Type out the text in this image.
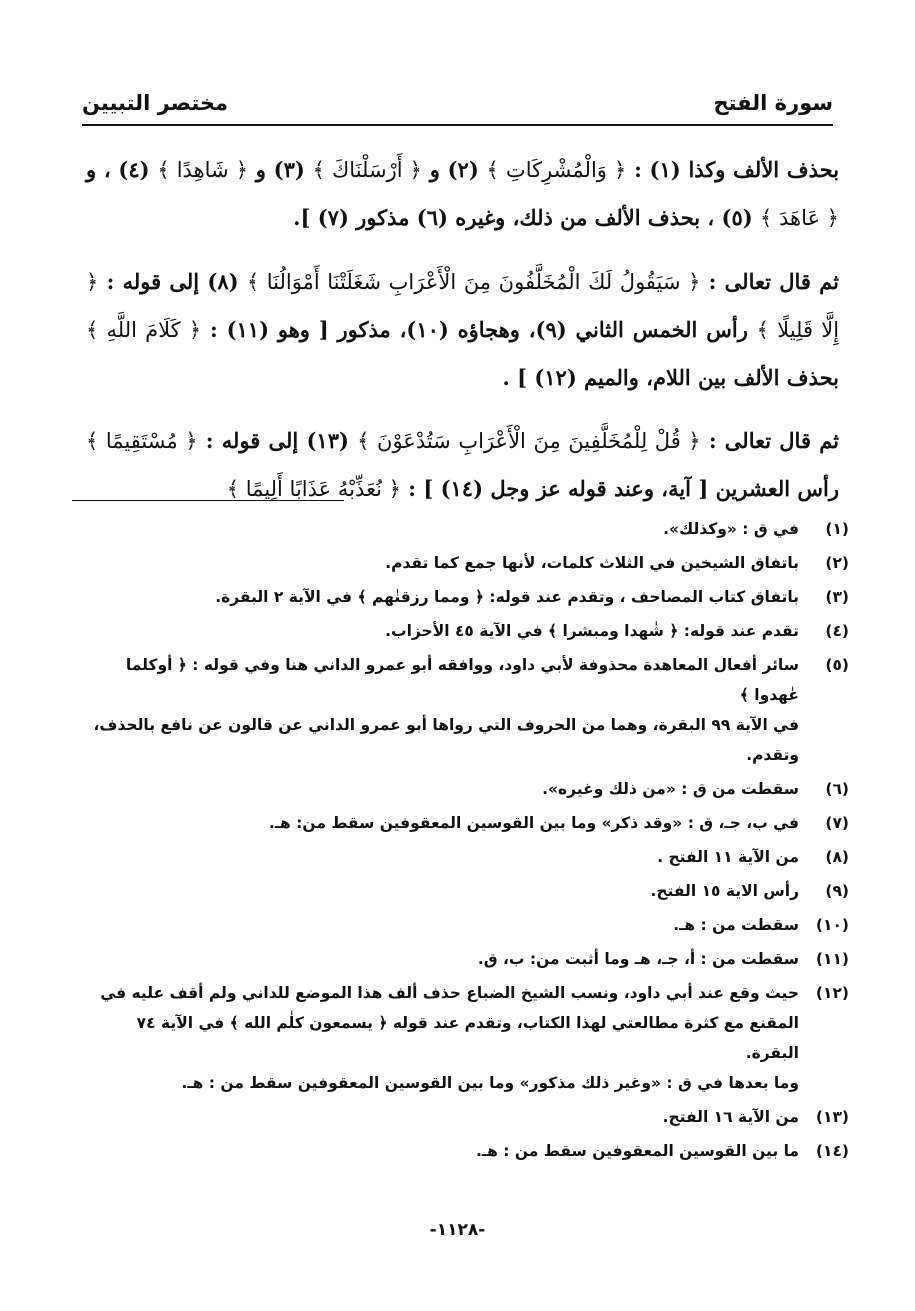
سورة الفتح
مختصر التبيين

بحذف الألف وكذا (١) : ﴿ وَالْمُشْرِكَاتِ ﴾ (٢) و ﴿ أَرْسَلْنَاكَ ﴾ (٣) و ﴿ شَاهِدًا ﴾ (٤) ، و ﴿ عَاهَدَ ﴾ (٥) ، بحذف الألف من ذلك، وغيره (٦) مذكور (٧) ].

ثم قال تعالى : ﴿ سَيَقُولُ لَكَ الْمُخَلَّفُونَ مِنَ الْأَعْرَابِ شَغَلَتْنَا أَمْوَالُنَا ﴾ (٨) إلى قوله : ﴿ إِلَّا قَلِيلًا ﴾ رأس الخمس الثاني (٩)، وهجاؤه (١٠)، مذكور [ وهو (١١) : ﴿ كَلَامَ اللَّهِ ﴾ بحذف الألف بين اللام، والميم (١٢) ] .

ثم قال تعالى : ﴿ قُلْ لِلْمُخَلَّفِينَ مِنَ الْأَعْرَابِ سَتُدْعَوْنَ ﴾ (١٣) إلى قوله : ﴿ مُسْتَقِيمًا ﴾ رأس العشرين [ آية، وعند قوله عز وجل (١٤) ] : ﴿ نُعَذِّبْهُ عَذَابًا أَلِيمًا ﴾

(١)
في ق : «وكذلك».
(٢)
باتفاق الشيخين في الثلاث كلمات، لأنها جمع كما تقدم.
(٣)
باتفاق كتاب المصاحف ، وتقدم عند قوله: ﴿ ومما رزقنٰهم ﴾ في الآية ٢ البقرة.
(٤)
تقدم عند قوله: ﴿ شٰهدا ومبشرا ﴾ في الآية ٤٥ الأحزاب.
(٥)
سائر أفعال المعاهدة محذوفة لأبي داود، ووافقه أبو عمرو الداني هنا وفي قوله : ﴿ أوكلما عٰهدوا ﴾
في الآية ٩٩ البقرة، وهما من الحروف التي رواها أبو عمرو الداني عن قالون عن نافع بالحذف،
وتقدم.
(٦)
سقطت من ق : «من ذلك وغيره».
(٧)
في ب، جـ، ق : «وقد ذكر» وما بين القوسين المعقوفين سقط من: هـ.
(٨)
من الآية ١١ الفتح .
(٩)
رأس الاية ١٥ الفتح.
(١٠)
سقطت من : هـ.
(١١)
سقطت من : أ، جـ، هـ وما أثبت من: ب، ق.
(١٢)
حيث وقع عند أبي داود، ونسب الشيخ الضباع حذف ألف هذا الموضع للداني ولم أقف عليه في
المقنع مع كثرة مطالعتي لهذا الكتاب، وتقدم عند قوله ﴿ يسمعون كلٰم الله ﴾ في الآية ٧٤ البقرة.
وما بعدها في ق : «وغير ذلك مذكور» وما بين القوسين المعقوفين سقط من : هـ.
(١٣)
من الآية ١٦ الفتح.
(١٤)
ما بين القوسين المعقوفين سقط من : هـ.
-١١٢٨-
